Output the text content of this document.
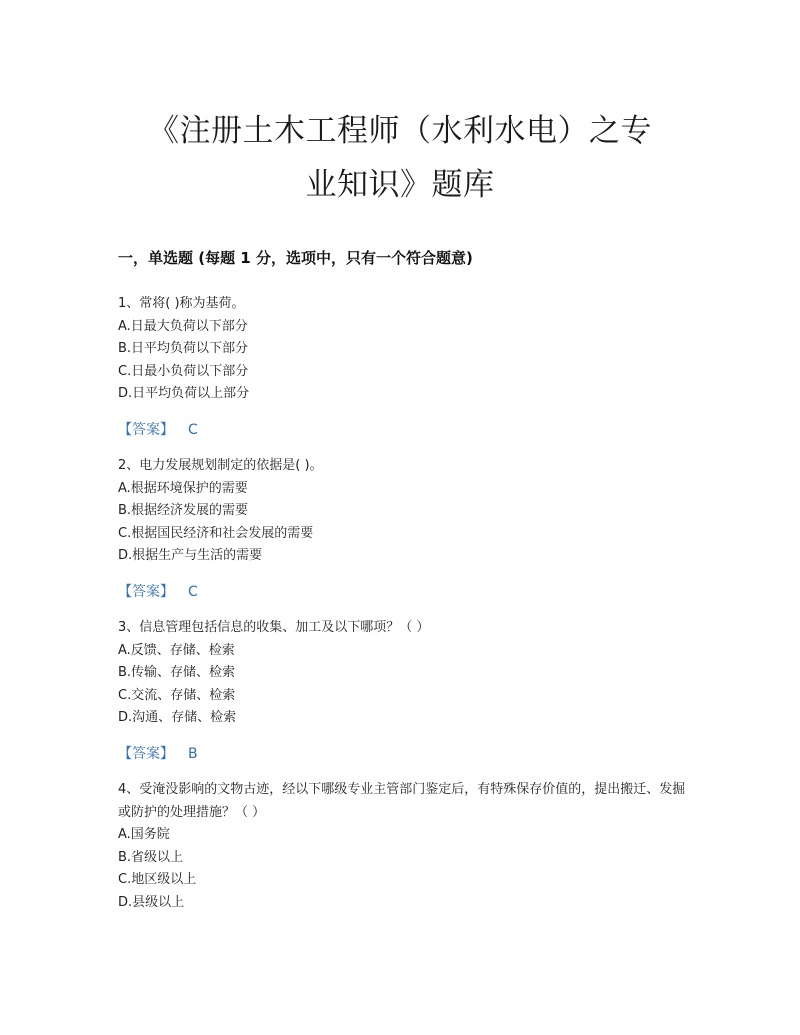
《注册土木工程师（水利水电）之专
业知识》题库
一，单选题 (每题 1 分，选项中，只有一个符合题意)
1、常将( )称为基荷。
A.日最大负荷以下部分
B.日平均负荷以下部分
C.日最小负荷以下部分
D.日平均负荷以上部分
【答案】 C
2、电力发展规划制定的依据是( )。
A.根据环境保护的需要
B.根据经济发展的需要
C.根据国民经济和社会发展的需要
D.根据生产与生活的需要
【答案】 C
3、信息管理包括信息的收集、加工及以下哪项？（ ）
A.反馈、存储、检索
B.传输、存储、检索
C.交流、存储、检索
D.沟通、存储、检索
【答案】 B
4、受淹没影响的文物古迹，经以下哪级专业主管部门鉴定后，有特殊保存价值的，提出搬迁、发掘或防护的处理措施？（ ）
A.国务院
B.省级以上
C.地区级以上
D.县级以上
